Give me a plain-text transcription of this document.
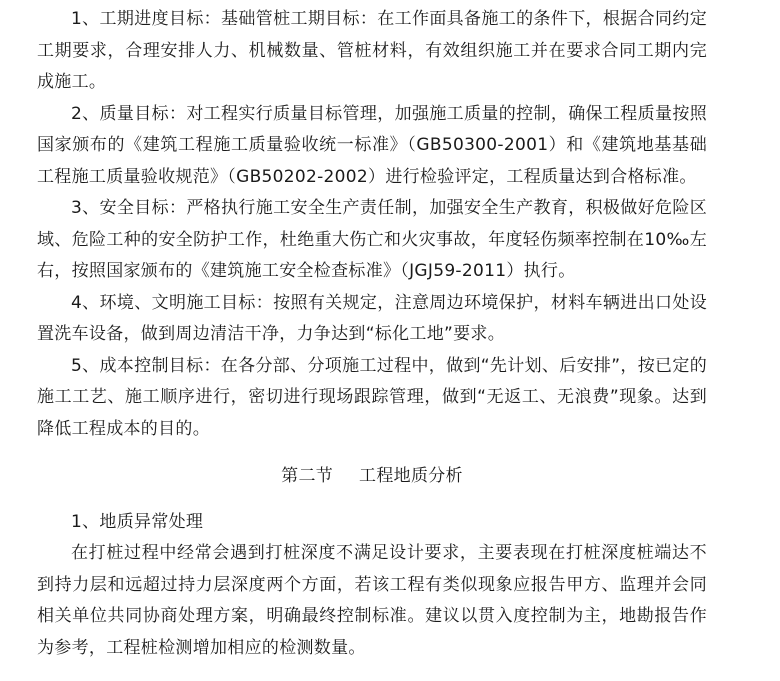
1、工期进度目标：基础管桩工期目标：在工作面具备施工的条件下，根据合同约定工期要求，合理安排人力、机械数量、管桩材料，有效组织施工并在要求合同工期内完成施工。

2、质量目标：对工程实行质量目标管理，加强施工质量的控制，确保工程质量按照国家颁布的《建筑工程施工质量验收统一标准》（GB50300-2001）和《建筑地基基础工程施工质量验收规范》（GB50202-2002）进行检验评定，工程质量达到合格标准。

3、安全目标：严格执行施工安全生产责任制，加强安全生产教育，积极做好危险区域、危险工种的安全防护工作，杜绝重大伤亡和火灾事故，年度轻伤频率控制在10‰左右，按照国家颁布的《建筑施工安全检查标准》（JGJ59-2011）执行。

4、环境、文明施工目标：按照有关规定，注意周边环境保护，材料车辆进出口处设置洗车设备，做到周边清洁干净，力争达到“标化工地”要求。

5、成本控制目标：在各分部、分项施工过程中，做到“先计划、后安排”，按已定的施工工艺、施工顺序进行，密切进行现场跟踪管理，做到“无返工、无浪费”现象。达到降低工程成本的目的。

第二节 工程地质分析

1、地质异常处理

在打桩过程中经常会遇到打桩深度不满足设计要求，主要表现在打桩深度桩端达不到持力层和远超过持力层深度两个方面，若该工程有类似现象应报告甲方、监理并会同相关单位共同协商处理方案，明确最终控制标准。建议以贯入度控制为主，地勘报告作为参考，工程桩检测增加相应的检测数量。
